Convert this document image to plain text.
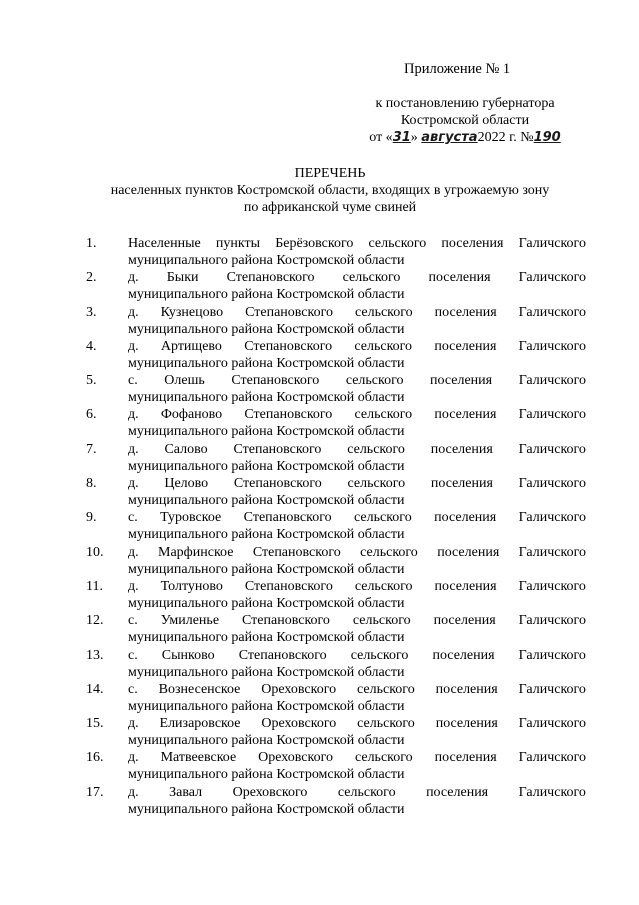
Приложение № 1
к постановлению губернатора
Костромской области
от «31» августа2022 г. №190
ПЕРЕЧЕНЬ
населенных пунктов Костромской области, входящих в угрожаемую зону
по африканской чуме свиней
1.	Населенные пункты Берёзовского сельского поселения Галичского
муниципального района Костромской области
2.	д. Быки Степановского сельского поселения Галичского
муниципального района Костромской области
3.	д. Кузнецово Степановского сельского поселения Галичского
муниципального района Костромской области
4.	д. Артищево Степановского сельского поселения Галичского
муниципального района Костромской области
5.	с. Олешь Степановского сельского поселения Галичского
муниципального района Костромской области
6.	д. Фофаново Степановского сельского поселения Галичского
муниципального района Костромской области
7.	д. Салово Степановского сельского поселения Галичского
муниципального района Костромской области
8.	д. Целово Степановского сельского поселения Галичского
муниципального района Костромской области
9.	с. Туровское Степановского сельского поселения Галичского
муниципального района Костромской области
10.	д. Марфинское Степановского сельского поселения Галичского
муниципального района Костромской области
11.	д. Толтуново Степановского сельского поселения Галичского
муниципального района Костромской области
12.	с. Умиленье Степановского сельского поселения Галичского
муниципального района Костромской области
13.	с. Сынково Степановского сельского поселения Галичского
муниципального района Костромской области
14.	с. Вознесенское Ореховского сельского поселения Галичского
муниципального района Костромской области
15.	д. Елизаровское Ореховского сельского поселения Галичского
муниципального района Костромской области
16.	д. Матвеевское Ореховского сельского поселения Галичского
муниципального района Костромской области
17.	д. Завал Ореховского сельского поселения Галичского
муниципального района Костромской области
